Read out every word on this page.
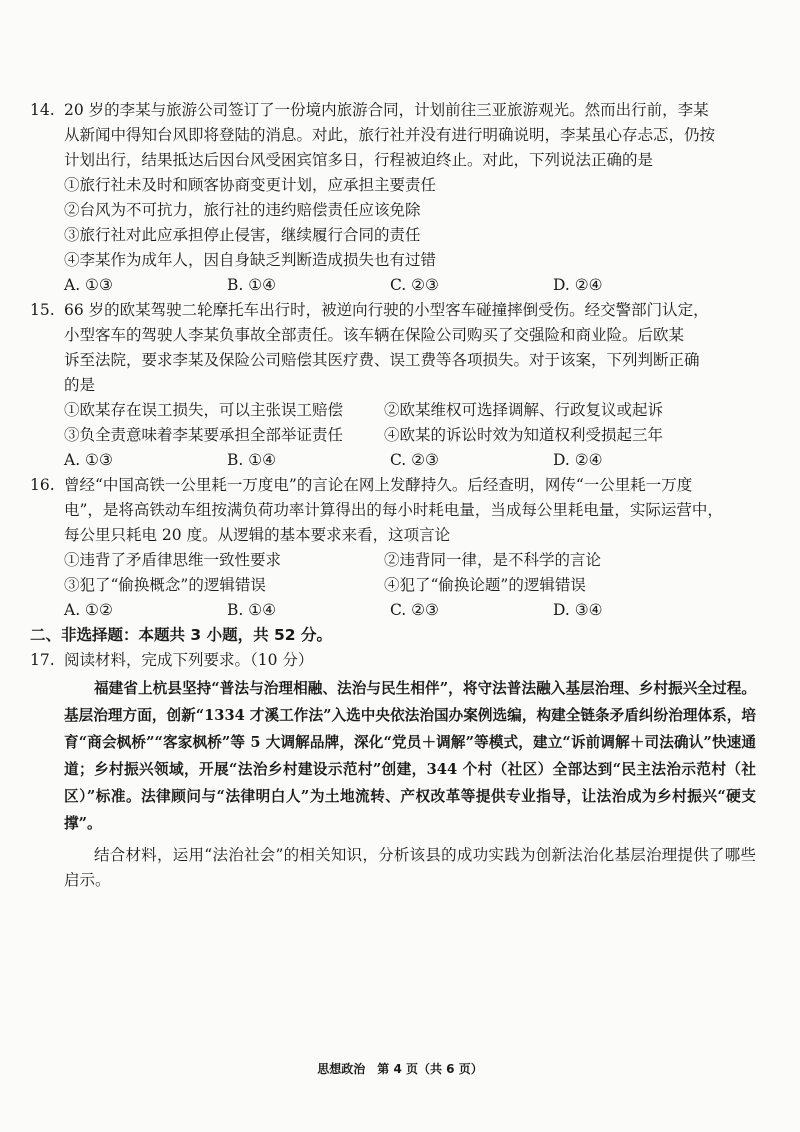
14. 20 岁的李某与旅游公司签订了一份境内旅游合同，计划前往三亚旅游观光。然而出行前，李某
从新闻中得知台风即将登陆的消息。对此，旅行社并没有进行明确说明，李某虽心存忐忑，仍按
计划出行，结果抵达后因台风受困宾馆多日，行程被迫终止。对此，下列说法正确的是
①旅行社未及时和顾客协商变更计划，应承担主要责任
②台风为不可抗力，旅行社的违约赔偿责任应该免除
③旅行社对此应承担停止侵害，继续履行合同的责任
④李某作为成年人，因自身缺乏判断造成损失也有过错
A. ①③	B. ①④	C. ②③	D. ②④
15. 66 岁的欧某驾驶二轮摩托车出行时，被逆向行驶的小型客车碰撞摔倒受伤。经交警部门认定，
小型客车的驾驶人李某负事故全部责任。该车辆在保险公司购买了交强险和商业险。后欧某
诉至法院，要求李某及保险公司赔偿其医疗费、误工费等各项损失。对于该案，下列判断正确
的是
①欧某存在误工损失，可以主张误工赔偿	②欧某维权可选择调解、行政复议或起诉
③负全责意味着李某要承担全部举证责任	④欧某的诉讼时效为知道权利受损起三年
A. ①③	B. ①④	C. ②③	D. ②④
16. 曾经“中国高铁一公里耗一万度电”的言论在网上发酵持久。后经查明，网传“一公里耗一万度
电”，是将高铁动车组按满负荷功率计算得出的每小时耗电量，当成每公里耗电量，实际运营中，
每公里只耗电 20 度。从逻辑的基本要求来看，这项言论
①违背了矛盾律思维一致性要求	②违背同一律，是不科学的言论
③犯了“偷换概念”的逻辑错误	④犯了“偷换论题”的逻辑错误
A. ①②	B. ①④	C. ②③	D. ③④
二、非选择题：本题共 3 小题，共 52 分。
17. 阅读材料，完成下列要求。（10 分）
福建省上杭县坚持“普法与治理相融、法治与民生相伴”，将守法普法融入基层治理、乡村振兴全过程。基层治理方面，创新“1334 才溪工作法”入选中央依法治国办案例选编，构建全链条矛盾纠纷治理体系，培育“商会枫桥”“客家枫桥”等 5 大调解品牌，深化“党员＋调解”等模式，建立“诉前调解＋司法确认”快速通道；乡村振兴领域，开展“法治乡村建设示范村”创建，344 个村（社区）全部达到“民主法治示范村（社区）”标准。法律顾问与“法律明白人”为土地流转、产权改革等提供专业指导，让法治成为乡村振兴“硬支撑”。
结合材料，运用“法治社会”的相关知识，分析该县的成功实践为创新法治化基层治理提供了哪些启示。
思想政治　第 4 页（共 6 页）
